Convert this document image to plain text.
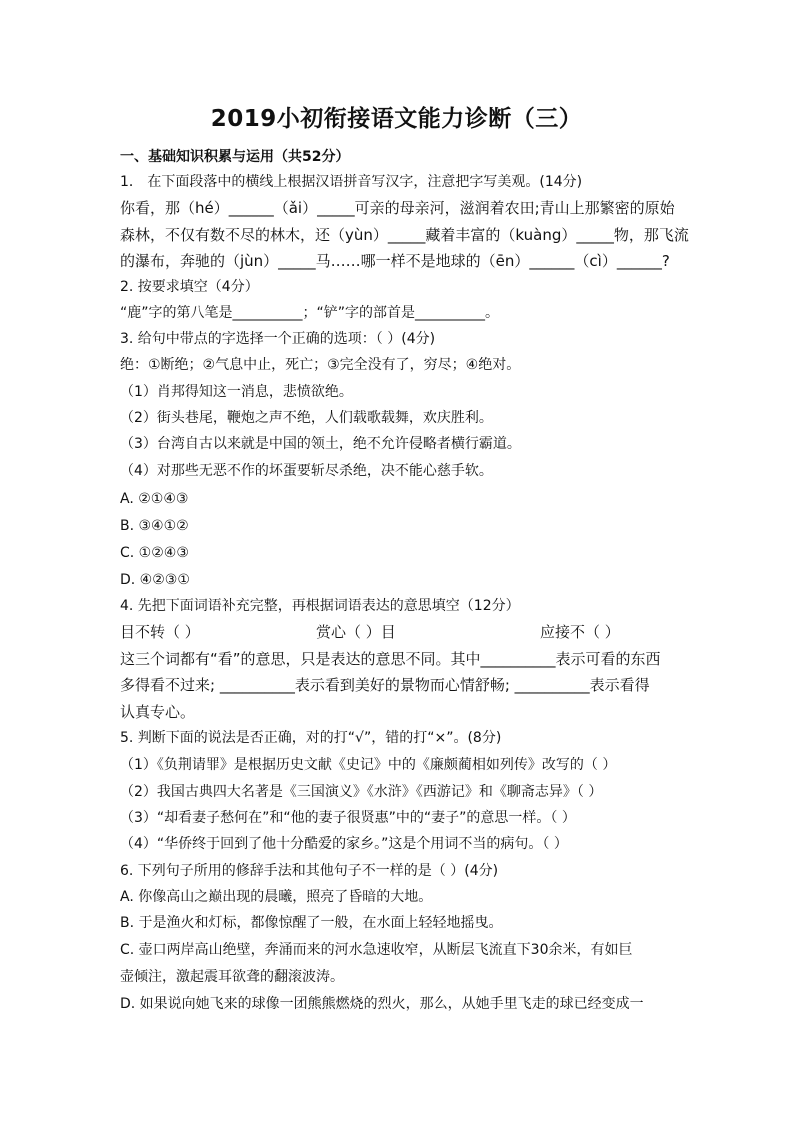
2019小初衔接语文能力诊断（三）
一、基础知识积累与运用（共52分）
1． 在下面段落中的横线上根据汉语拼音写汉字，注意把字写美观。(14分)
你看，那（hé）______（ǎi）_____可亲的母亲河，滋润着农田;青山上那繁密的原始
森林，不仅有数不尽的林木，还（yùn）_____藏着丰富的（kuàng）_____物，那飞流
的瀑布，奔驰的（jùn）_____马……哪一样不是地球的（ēn）______（cì）______?
2. 按要求填空（4分）
“鹿”字的第八笔是__________；“铲”字的部首是__________。
3. 给句中带点的字选择一个正确的选项：（ ）(4分)
绝：①断绝；②气息中止，死亡；③完全没有了，穷尽；④绝对。
（1）肖邦得知这一消息，悲愤欲绝。
（2）街头巷尾，鞭炮之声不绝，人们载歌载舞，欢庆胜利。
（3）台湾自古以来就是中国的领土，绝不允许侵略者横行霸道。
（4）对那些无恶不作的坏蛋要斩尽杀绝，决不能心慈手软。
A. ②①④③
B. ③④①②
C. ①②④③
D. ④②③①
4. 先把下面词语补充完整，再根据词语表达的意思填空（12分）
目不转（ ）	赏心（ ）目	应接不（ ）
这三个词都有“看”的意思，只是表达的意思不同。其中__________表示可看的东西
多得看不过来; __________表示看到美好的景物而心情舒畅; __________表示看得
认真专心。
5. 判断下面的说法是否正确，对的打“√”，错的打“×”。(8分)
（1）《负荆请罪》是根据历史文献《史记》中的《廉颇蔺相如列传》改写的（ ）
（2）我国古典四大名著是《三国演义》《水浒》《西游记》和《聊斋志异》（ ）
（3）“却看妻子愁何在”和“他的妻子很贤惠”中的“妻子”的意思一样。（ ）
（4）“华侨终于回到了他十分酷爱的家乡。”这是个用词不当的病句。（ ）
6. 下列句子所用的修辞手法和其他句子不一样的是（ ）(4分)
A. 你像高山之巅出现的晨曦，照亮了昏暗的大地。
B. 于是渔火和灯标，都像惊醒了一般，在水面上轻轻地摇曳。
C. 壶口两岸高山绝壁，奔涌而来的河水急速收窄，从断层飞流直下30余米，有如巨
壶倾注，激起震耳欲聋的翻滚波涛。
D. 如果说向她飞来的球像一团熊熊燃烧的烈火，那么，从她手里飞走的球已经变成一
